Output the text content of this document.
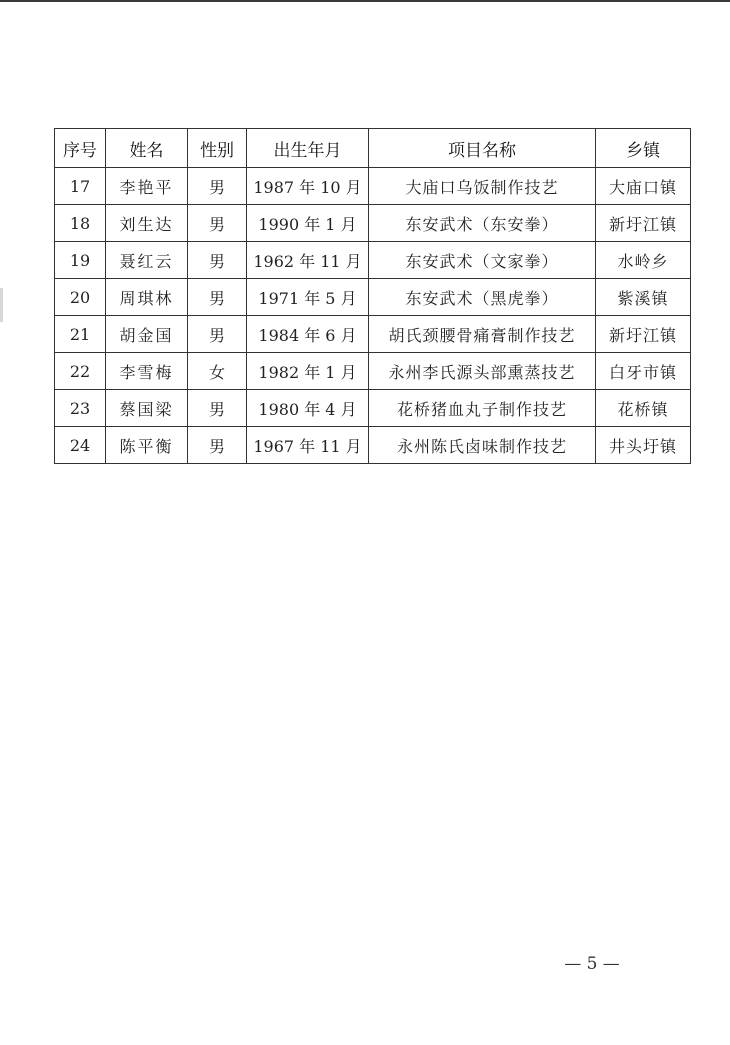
序号	姓名	性别	出生年月	项目名称	乡镇
17	李艳平	男	1987 年 10 月	大庙口乌饭制作技艺	大庙口镇
18	刘生达	男	1990 年 1 月	东安武术（东安拳）	新圩江镇
19	聂红云	男	1962 年 11 月	东安武术（文家拳）	水岭乡
20	周琪林	男	1971 年 5 月	东安武术（黑虎拳）	紫溪镇
21	胡金国	男	1984 年 6 月	胡氏颈腰骨痛膏制作技艺	新圩江镇
22	李雪梅	女	1982 年 1 月	永州李氏源头部熏蒸技艺	白牙市镇
23	蔡国梁	男	1980 年 4 月	花桥猪血丸子制作技艺	花桥镇
24	陈平衡	男	1967 年 11 月	永州陈氏卤味制作技艺	井头圩镇
— 5 —
